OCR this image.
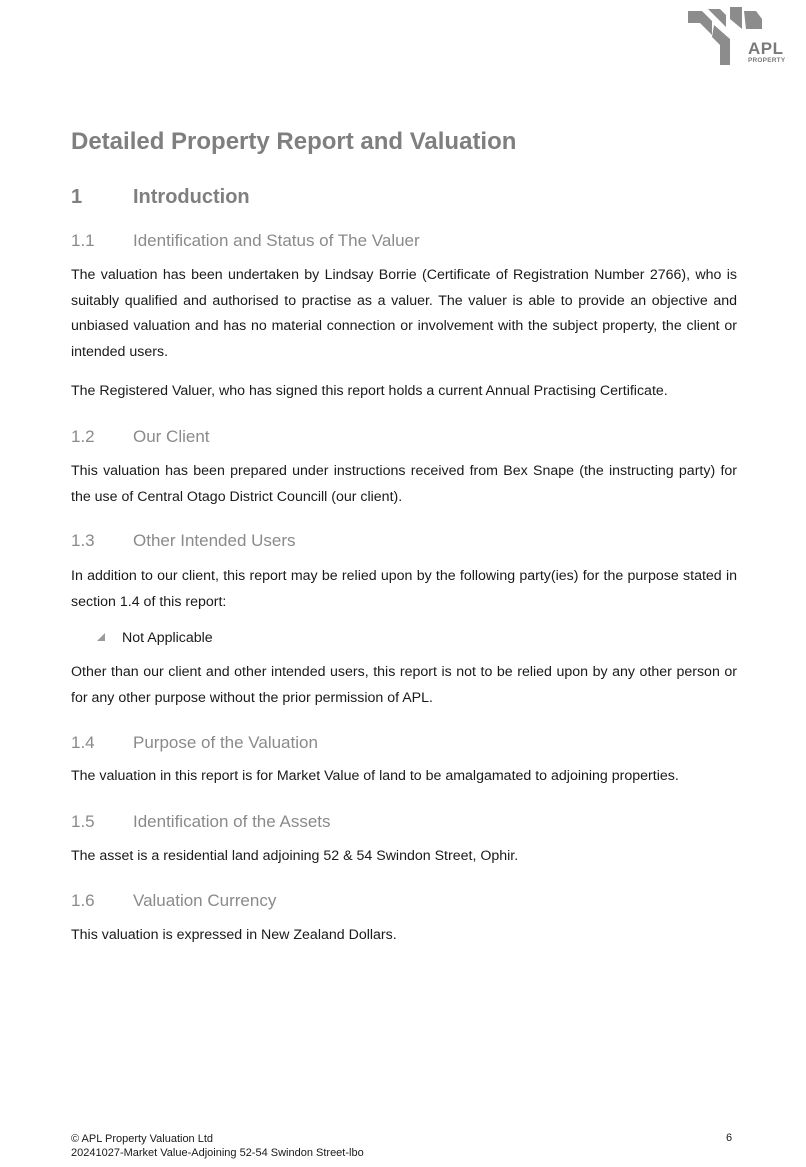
APL
PROPERTY
Detailed Property Report and Valuation
1	Introduction
1.1 Identification and Status of The Valuer

The valuation has been undertaken by Lindsay Borrie (Certificate of Registration Number 2766), who is suitably qualified and authorised to practise as a valuer. The valuer is able to provide an objective and unbiased valuation and has no material connection or involvement with the subject property, the client or intended users.

The Registered Valuer, who has signed this report holds a current Annual Practising Certificate.

1.2 Our Client

This valuation has been prepared under instructions received from Bex Snape (the instructing party) for the use of Central Otago District Councill (our client).

1.3 Other Intended Users

In addition to our client, this report may be relied upon by the following party(ies) for the purpose stated in section 1.4 of this report:

Not Applicable

Other than our client and other intended users, this report is not to be relied upon by any other person or for any other purpose without the prior permission of APL.

1.4 Purpose of the Valuation

The valuation in this report is for Market Value of land to be amalgamated to adjoining properties.

1.5 Identification of the Assets

The asset is a residential land adjoining 52 & 54 Swindon Street, Ophir.

1.6 Valuation Currency

This valuation is expressed in New Zealand Dollars.

© APL Property Valuation Ltd
20241027-Market Value-Adjoining 52-54 Swindon Street-lbo
6
